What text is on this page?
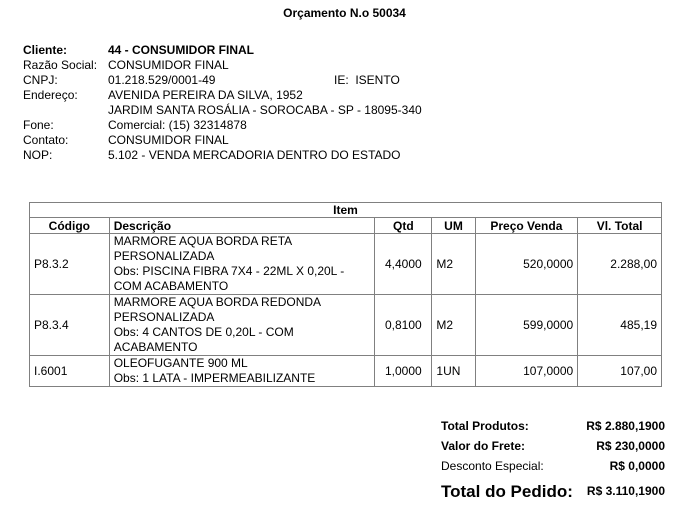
Orçamento N.o 50034
Cliente:	44 - CONSUMIDOR FINAL
Razão Social: CONSUMIDOR FINAL
CNPJ:	01.218.529/0001-49	IE:  ISENTO
Endereço:	AVENIDA PEREIRA DA SILVA, 1952
JARDIM SANTA ROSÁLIA - SOROCABA - SP - 18095-340
Fone:	Comercial: (15) 32314878
Contato:	CONSUMIDOR FINAL
NOP:	5.102 - VENDA MERCADORIA DENTRO DO ESTADO
Item					
Código	Descrição	Qtd	UM	Preço Venda	Vl. Total
P8.3.2	MARMORE AQUA BORDA RETA
PERSONALIZADA
Obs: PISCINA FIBRA 7X4 - 22ML X 0,20L -
COM ACABAMENTO	4,4000	M2	520,0000	2.288,00
P8.3.4	MARMORE AQUA BORDA REDONDA
PERSONALIZADA
Obs: 4 CANTOS DE 0,20L - COM
ACABAMENTO	0,8100	M2	599,0000	485,19
I.6001	OLEOFUGANTE 900 ML
Obs: 1 LATA - IMPERMEABILIZANTE	1,0000	1UN	107,0000	107,00
Total Produtos:	R$ 2.880,1900
Valor do Frete:	R$ 230,0000
Desconto Especial:	R$ 0,0000
Total do Pedido: R$ 3.110,1900
